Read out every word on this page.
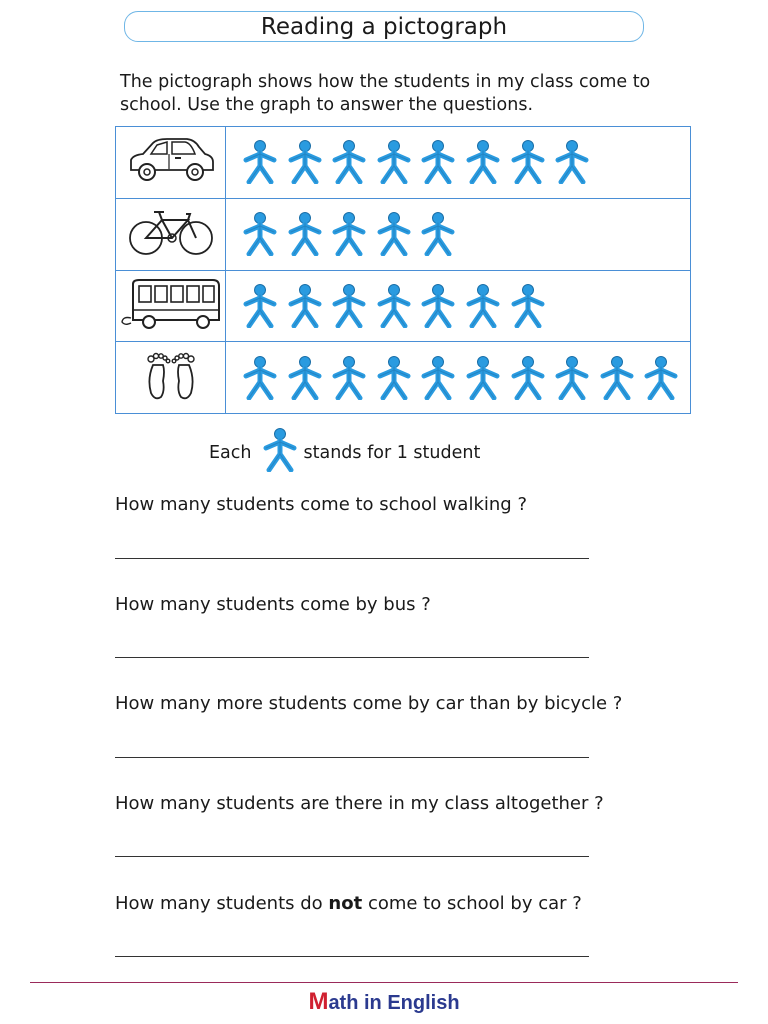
Reading a pictograph
The pictograph shows how the students in my class come to school. Use the graph to answer the questions.

Each	stands for 1 student
How many students come to school walking ?
How many students come by bus ?
How many more students come by car than by bicycle ?
How many students are there in my class altogether ?
How many students do not come to school by car ?
Math in English
